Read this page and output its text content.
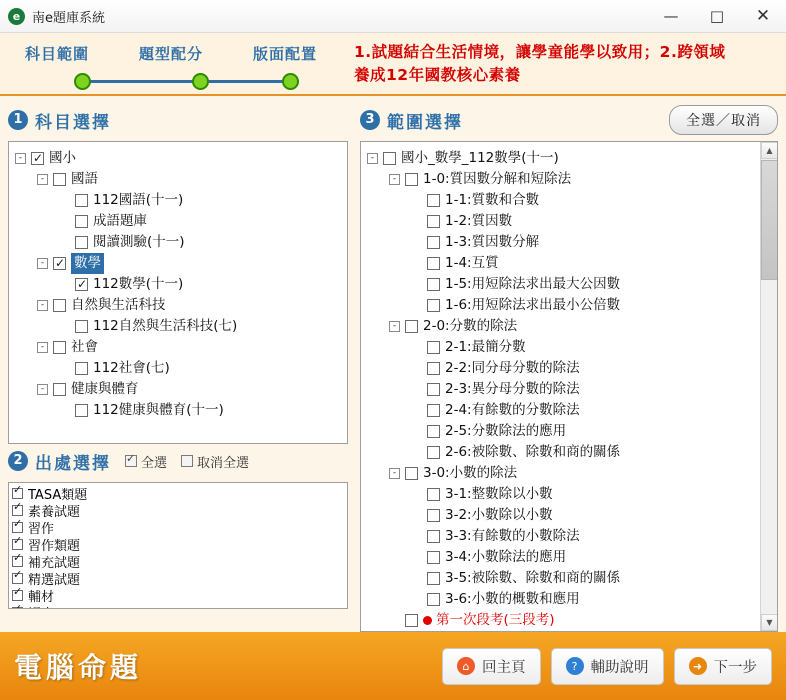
e 南e題庫系統	—	□	✕
科目範圍	題型配分	版面配置	1.試題結合生活情境，讓學童能學以致用；2.跨領域
養成12年國教核心素養
1 科目選擇
- ✓ 國小
- 國語
112國語(十一)
成語題庫
閱讀測驗(十一)
- ✓ 數學
✓
112數學(十一)
- 自然與生活科技
112自然與生活科技(七)
- 社會
112社會(七)
- 健康與體育
112健康與體育(十一)
2 出處選擇 ✓ 全選 取消全選
✓
TASA類題
✓
素養試題
✓
習作
✓
習作類題
✓
補充試題
✓
精選試題
✓
輔材
✓
3 範圍選擇	全選／取消
- 國小_數學_112數學(十一)
- 1-0:質因數分解和短除法
1-1:質數和合數
1-2:質因數
1-3:質因數分解
1-4:互質
1-5:用短除法求出最大公因數
1-6:用短除法求出最小公倍數
- 2-0:分數的除法
2-1:最簡分數
2-2:同分母分數的除法
2-3:異分母分數的除法
2-4:有餘數的分數除法
2-5:分數除法的應用
2-6:被除數、除數和商的關係
- 3-0:小數的除法
3-1:整數除以小數
3-2:小數除以小數
3-3:有餘數的小數除法
3-4:小數除法的應用
3-5:被除數、除數和商的關係
3-6:小數的概數和應用
第一次段考(三段考)
▲
▼
電腦命題	⌂ 回主頁	? 輔助說明	➜ 下一步
